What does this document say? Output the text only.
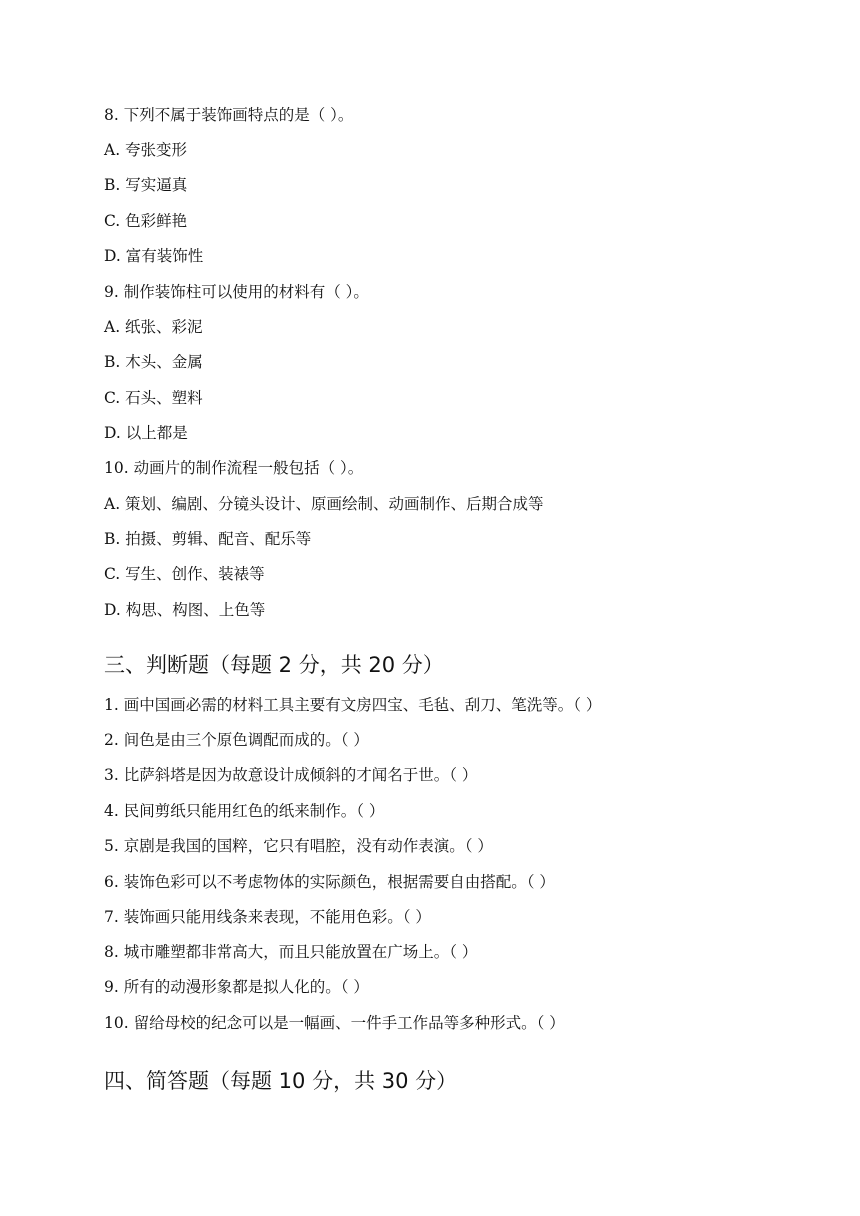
8. 下列不属于装饰画特点的是（ ）。
A. 夸张变形
B. 写实逼真
C. 色彩鲜艳
D. 富有装饰性
9. 制作装饰柱可以使用的材料有（ ）。
A. 纸张、彩泥
B. 木头、金属
C. 石头、塑料
D. 以上都是
10. 动画片的制作流程一般包括（ ）。
A. 策划、编剧、分镜头设计、原画绘制、动画制作、后期合成等
B. 拍摄、剪辑、配音、配乐等
C. 写生、创作、装裱等
D. 构思、构图、上色等
三、判断题（每题 2 分，共 20 分）
1. 画中国画必需的材料工具主要有文房四宝、毛毡、刮刀、笔洗等。（ ）
2. 间色是由三个原色调配而成的。（ ）
3. 比萨斜塔是因为故意设计成倾斜的才闻名于世。（ ）
4. 民间剪纸只能用红色的纸来制作。（ ）
5. 京剧是我国的国粹，它只有唱腔，没有动作表演。（ ）
6. 装饰色彩可以不考虑物体的实际颜色，根据需要自由搭配。（ ）
7. 装饰画只能用线条来表现，不能用色彩。（ ）
8. 城市雕塑都非常高大，而且只能放置在广场上。（ ）
9. 所有的动漫形象都是拟人化的。（ ）
10. 留给母校的纪念可以是一幅画、一件手工作品等多种形式。（ ）
四、简答题（每题 10 分，共 30 分）
